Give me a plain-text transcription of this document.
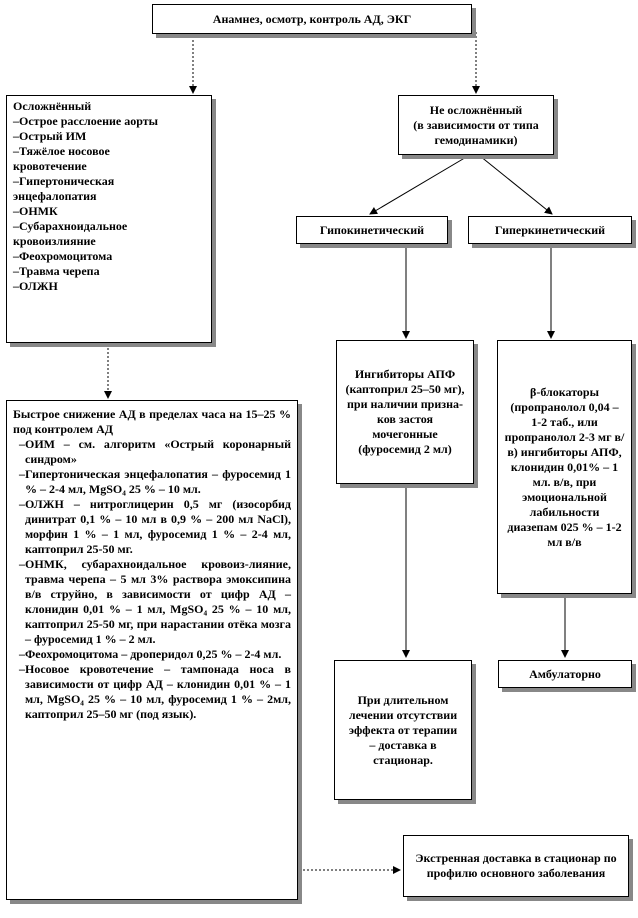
Анамнез, осмотр, контроль АД, ЭКГ

Осложнённый

–Острое расслоение аорты

–Острый ИМ

–Тяжёлое носовое кровотечение

–Гипертоническая энцефалопатия

–ОНМК

–Субарахноидальное кровоизлияние

–Феохромоцитома

–Травма черепа

–ОЛЖН

Не осложнённый
(в зависимости от типа гемодинамики)
Гипокинетический	Гиперкинетический
Ингибиторы АПФ (каптоприл 25–50 мг), при наличии призна-ков застоя мочегонные (фуросемид 2 мл)
β-блокаторы (пропранолол 0,04 – 1-2 таб., или пропранолол 2-3 мг в/в) ингибиторы АПФ, клонидин 0,01% – 1 мл. в/в, при эмоциональной лабильности диазепам 025 % – 1-2 мл в/в

Быстрое снижение АД в пределах часа на 15–25 % под контролем АД

–ОИМ – см. алгоритм «Острый коронарный синдром»

–Гипертоническая энцефалопатия – фуросемид 1 % – 2-4 мл, MgSO₄ 25 % – 10 мл.

–ОЛЖН – нитроглицерин 0,5 мг (изосорбид динитрат 0,1 % – 10 мл в 0,9 % – 200 мл NaCl), морфин 1 % – 1 мл, фуросемид 1 % – 2-4 мл, каптоприл 25-50 мг.

–ОНМК, субарахноидальное кровоиз-лияние, травма черепа – 5 мл 3% раствора эмоксипина в/в струйно, в зависимости от цифр АД – клонидин 0,01 % – 1 мл, MgSO₄ 25 % – 10 мл, каптоприл 25-50 мг, при нарастании отёка мозга – фуросемид 1 % – 2 мл.

–Феохромоцитома – дроперидол 0,25 % – 2-4 мл.

–Носовое кровотечение – тампонада носа в зависимости от цифр АД – клонидин 0,01 % – 1 мл, MgSO₄ 25 % – 10 мл, фуросемид 1 % – 2мл, каптоприл 25–50 мг (под язык).

При длительном лечении отсутствии эффекта от терапии – доставка в стационар.
Амбулаторно
Экстренная доставка в стационар по профилю основного заболевания
